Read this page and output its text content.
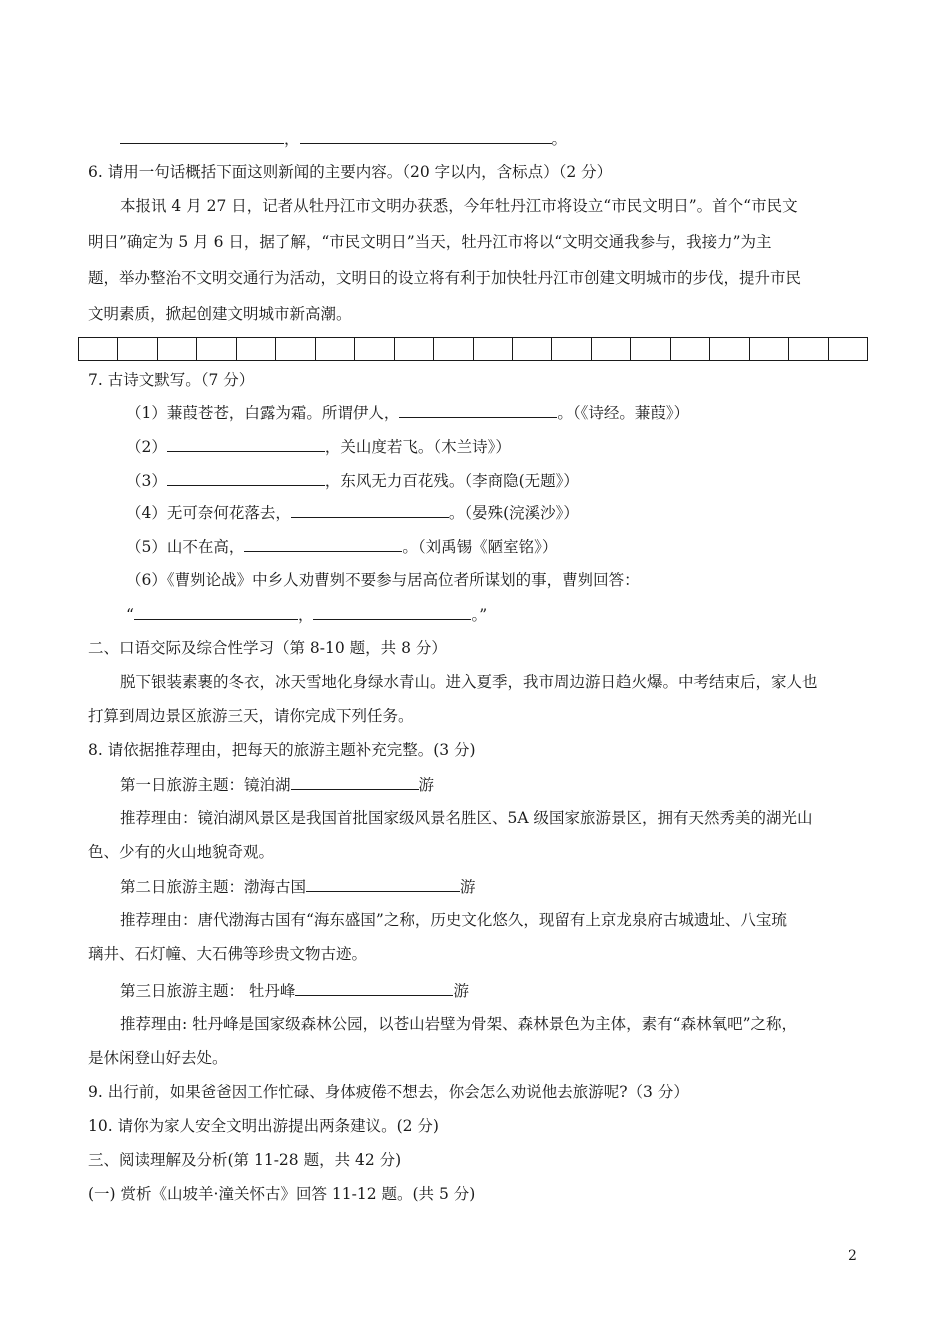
，	。
6. 请用一句话概括下面这则新闻的主要内容。（20 字以内，含标点）（2 分）
本报讯 4 月 27 日，记者从牡丹江市文明办获悉，今年牡丹江市将设立“市民文明日”。首个“市民文
明日”确定为 5 月 6 日，据了解，“市民文明日”当天，牡丹江市将以“文明交通我参与，我接力”为主
题，举办整治不文明交通行为活动，文明日的设立将有利于加快牡丹江市创建文明城市的步伐，提升市民
文明素质，掀起创建文明城市新高潮。
7. 古诗文默写。（7 分）
（1）蒹葭苍苍，白露为霜。所谓伊人，	。（《诗经。蒹葭》）
（2）	，关山度若飞。（木兰诗》）
（3）	，东风无力百花残。（李商隐(无题》）
（4）无可奈何花落去，	。（晏殊(浣溪沙》）
（5）山不在高，	。（刘禹锡《陋室铭》）
（6）《曹刿论战》中乡人劝曹刿不要参与居高位者所谋划的事，曹刿回答：
“	，	。”
二、口语交际及综合性学习（第 8-10 题，共 8 分）
脱下银装素裹的冬衣，冰天雪地化身绿水青山。进入夏季，我市周边游日趋火爆。中考结束后，家人也
打算到周边景区旅游三天，请你完成下列任务。
8. 请依据推荐理由，把每天的旅游主题补充完整。(3 分)
第一日旅游主题：镜泊湖	游
推荐理由：镜泊湖风景区是我国首批国家级风景名胜区、5A 级国家旅游景区，拥有天然秀美的湖光山
色、少有的火山地貌奇观。
第二日旅游主题：渤海古国	游
推荐理由：唐代渤海古国有“海东盛国”之称，历史文化悠久，现留有上京龙泉府古城遗址、八宝琉
璃井、石灯幢、大石佛等珍贵文物古迹。
第三日旅游主题： 牡丹峰	游
推荐理由: 牡丹峰是国家级森林公园，以苍山岩壁为骨架、森林景色为主体，素有“森林氧吧”之称，
是休闲登山好去处。
9. 出行前，如果爸爸因工作忙碌、身体疲倦不想去，你会怎么劝说他去旅游呢?（3 分）
10. 请你为家人安全文明出游提出两条建议。(2 分)
三、阅读理解及分析(第 11-28 题，共 42 分)
(一) 赏析《山坡羊·潼关怀古》回答 11-12 题。(共 5 分)
2
